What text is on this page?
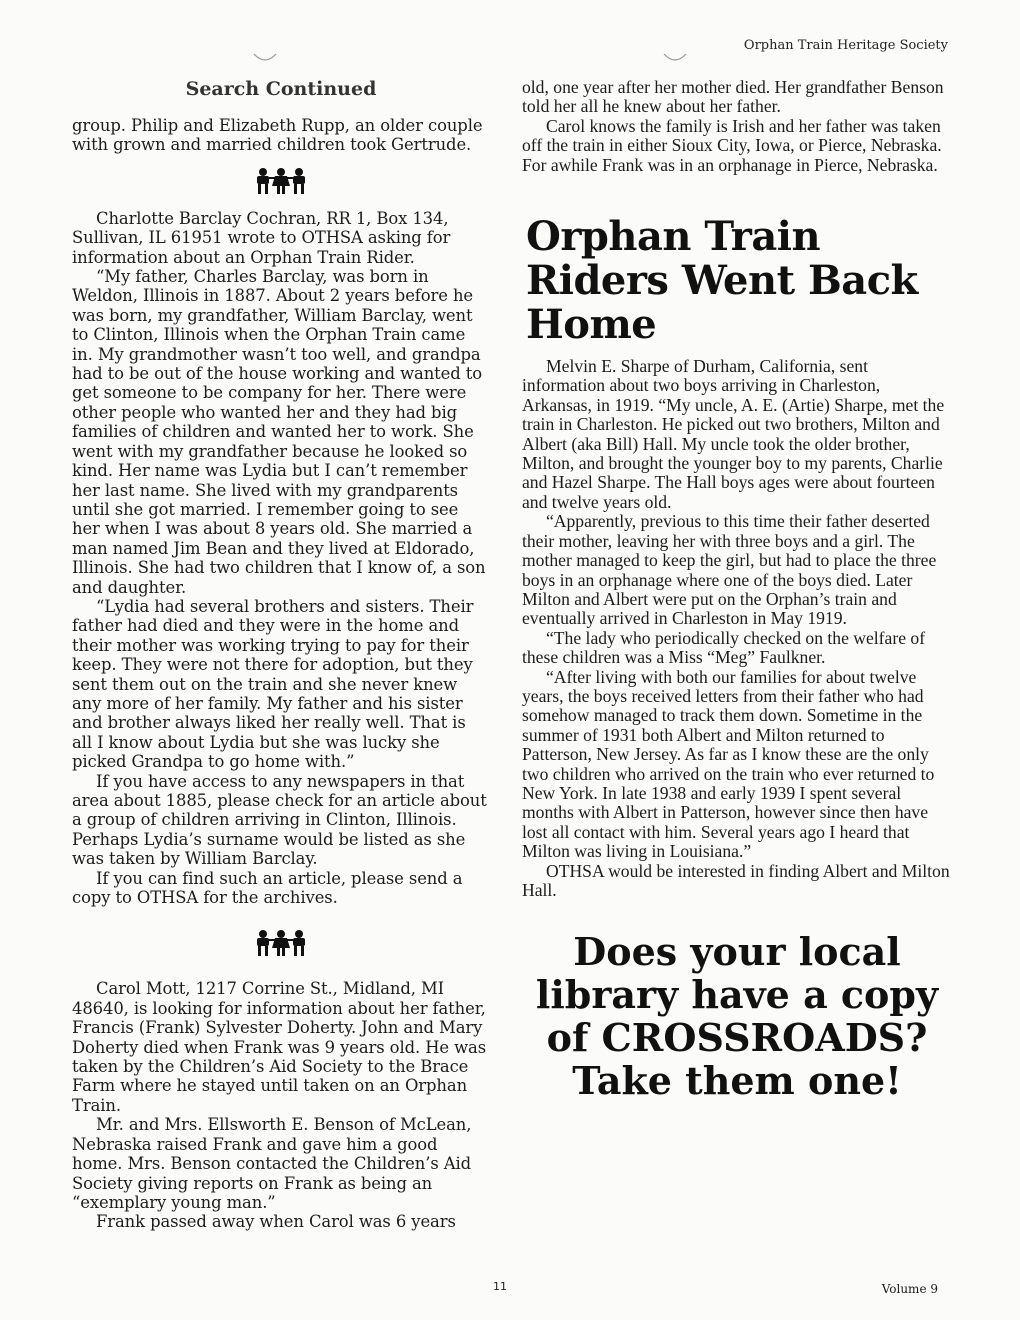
Orphan Train Heritage Society
Search Continued

group. Philip and Elizabeth Rupp, an older couple with grown and married children took Gertrude.

Charlotte Barclay Cochran, RR 1, Box 134, Sullivan, IL 61951 wrote to OTHSA asking for information about an Orphan Train Rider.

“My father, Charles Barclay, was born in Weldon, Illinois in 1887. About 2 years before he was born, my grandfather, William Barclay, went to Clinton, Illinois when the Orphan Train came in. My grandmother wasn’t too well, and grandpa had to be out of the house working and wanted to get someone to be company for her. There were other people who wanted her and they had big families of children and wanted her to work. She went with my grandfather because he looked so kind. Her name was Lydia but I can’t remember her last name. She lived with my grandparents until she got married. I remember going to see her when I was about 8 years old. She married a man named Jim Bean and they lived at Eldorado, Illinois. She had two children that I know of, a son and daughter.

“Lydia had several brothers and sisters. Their father had died and they were in the home and their mother was working trying to pay for their keep. They were not there for adoption, but they sent them out on the train and she never knew any more of her family. My father and his sister and brother always liked her really well. That is all I know about Lydia but she was lucky she picked Grandpa to go home with.”

If you have access to any newspapers in that area about 1885, please check for an article about a group of children arriving in Clinton, Illinois. Perhaps Lydia’s surname would be listed as she was taken by William Barclay.

If you can find such an article, please send a copy to OTHSA for the archives.

Carol Mott, 1217 Corrine St., Midland, MI 48640, is looking for information about her father, Francis (Frank) Sylvester Doherty. John and Mary Doherty died when Frank was 9 years old. He was taken by the Children’s Aid Society to the Brace Farm where he stayed until taken on an Orphan Train.

Mr. and Mrs. Ellsworth E. Benson of McLean, Nebraska raised Frank and gave him a good home. Mrs. Benson contacted the Children’s Aid Society giving reports on Frank as being an “exemplary young man.”

Frank passed away when Carol was 6 years

old, one year after her mother died. Her grandfather Benson told her all he knew about her father.

Carol knows the family is Irish and her father was taken off the train in either Sioux City, Iowa, or Pierce, Nebraska. For awhile Frank was in an orphanage in Pierce, Nebraska.

Orphan Train Riders Went Back Home

Melvin E. Sharpe of Durham, California, sent information about two boys arriving in Charleston, Arkansas, in 1919. “My uncle, A. E. (Artie) Sharpe, met the train in Charleston. He picked out two brothers, Milton and Albert (aka Bill) Hall. My uncle took the older brother, Milton, and brought the younger boy to my parents, Charlie and Hazel Sharpe. The Hall boys ages were about fourteen and twelve years old.

“Apparently, previous to this time their father deserted their mother, leaving her with three boys and a girl. The mother managed to keep the girl, but had to place the three boys in an orphanage where one of the boys died. Later Milton and Albert were put on the Orphan’s train and eventually arrived in Charleston in May 1919.

“The lady who periodically checked on the welfare of these children was a Miss “Meg” Faulkner.

“After living with both our families for about twelve years, the boys received letters from their father who had somehow managed to track them down. Sometime in the summer of 1931 both Albert and Milton returned to Patterson, New Jersey. As far as I know these are the only two children who arrived on the train who ever returned to New York. In late 1938 and early 1939 I spent several months with Albert in Patterson, however since then have lost all contact with him. Several years ago I heard that Milton was living in Louisiana.”

OTHSA would be interested in finding Albert and Milton Hall.

Does your local library have a copy of CROSSROADS?
Take them one!
11	Volume 9
